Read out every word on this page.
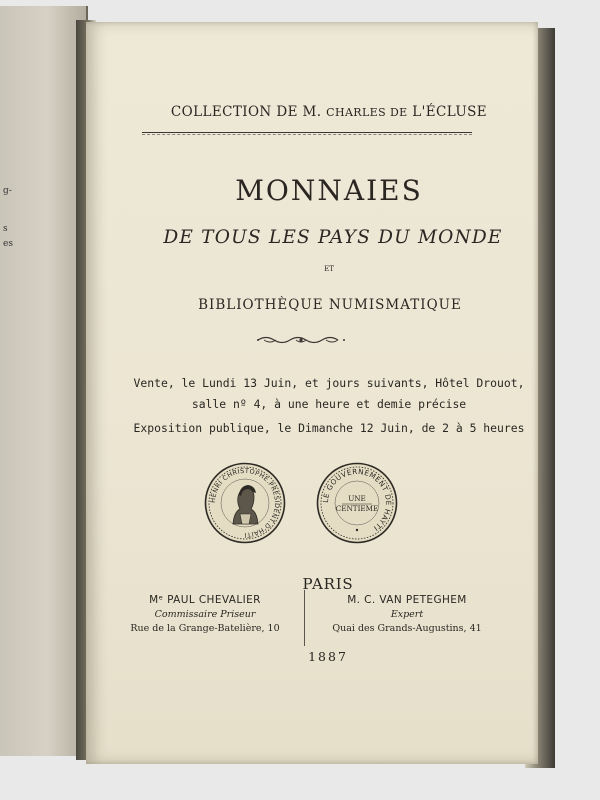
g-
s
es
COLLECTION DE M. CHARLES DE L'ÉCLUSE
MONNAIES
DE TOUS LES PAYS DU MONDE
ET
BIBLIOTHÈQUE NUMISMATIQUE
Vente, le Lundi 13 Juin, et jours suivants, Hôtel Drouot,
salle nº 4, à une heure et demie précise
Exposition publique, le Dimanche 12 Juin, de 2 à 5 heures
HENRI CHRISTOPHE.PRESIDENT.D'HAITI
LE GOUVERNEMENT DE HAYTI
UNE
CENTIEME
PARIS
Mᵉ PAUL CHEVALIER
Commissaire Priseur
Rue de la Grange-Batelière, 10
M. C. VAN PETEGHEM
Expert
Quai des Grands-Augustins, 41
1887
